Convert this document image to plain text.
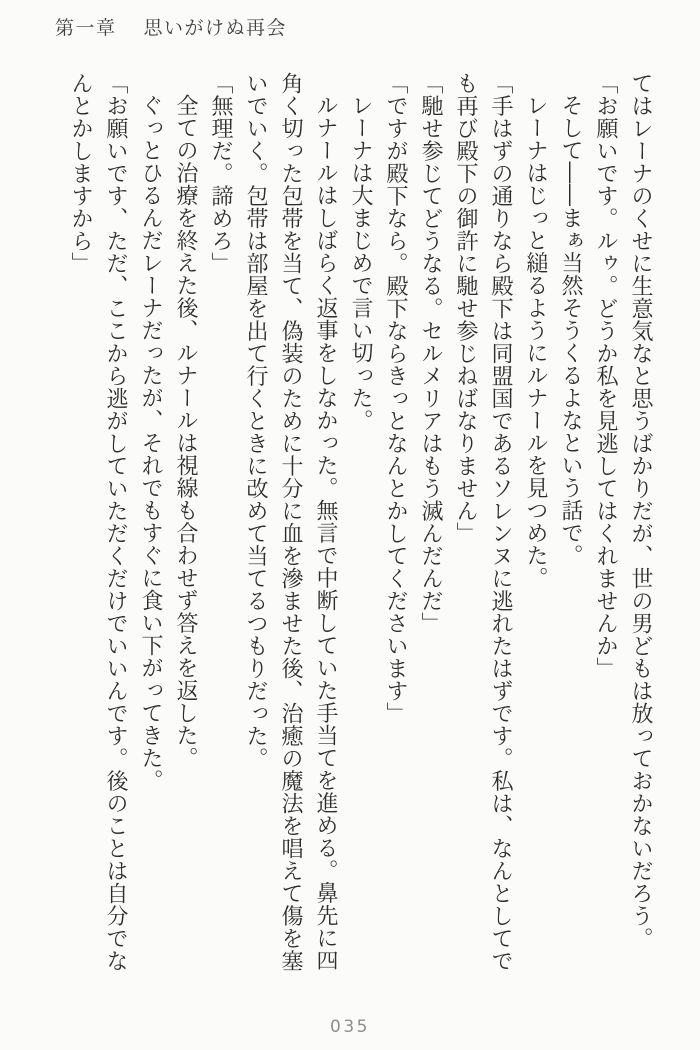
第一章 思いがけぬ再会

てはレーナのくせに生意気なと思うばかりだが、世の男どもは放っておかないだろう。

「お願いです。ルゥ。どうか私を見逃してはくれませんか」

そして――まぁ当然そうくるよなという話で。

レーナはじっと縋るようにルナールを見つめた。

「手はずの通りなら殿下は同盟国であるソレンヌに逃れたはずです。私は、なんとしてでも再び殿下の御許に馳せ参じねばなりません」

「馳せ参じてどうなる。セルメリアはもう滅んだんだ」

「ですが殿下なら。殿下ならきっとなんとかしてくださいます」

レーナは大まじめで言い切った。

ルナールはしばらく返事をしなかった。無言で中断していた手当てを進める。鼻先に四角く切った包帯を当て、偽装のために十分に血を滲ませた後、治癒の魔法を唱えて傷を塞いでいく。包帯は部屋を出て行くときに改めて当てるつもりだった。

「無理だ。諦めろ」

全ての治療を終えた後、ルナールは視線も合わせず答えを返した。

ぐっとひるんだレーナだったが、それでもすぐに食い下がってきた。

「お願いです、ただ、ここから逃がしていただくだけでいいんです。後のことは自分でなんとかしますから」

035
